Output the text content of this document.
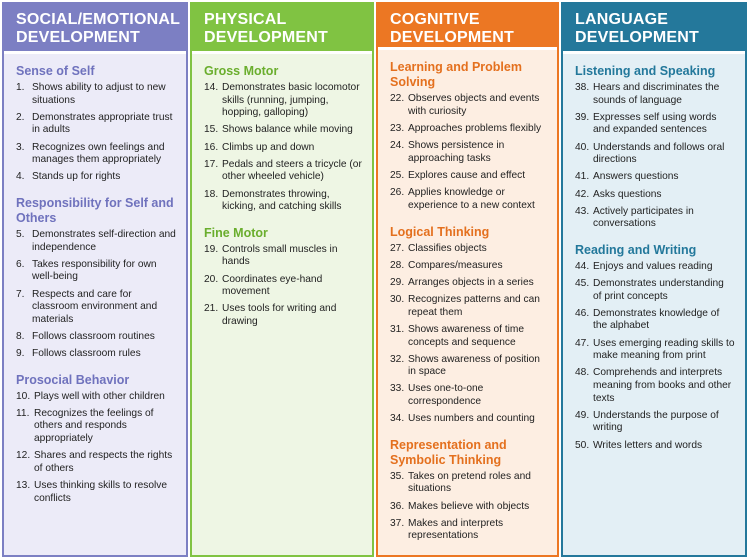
SOCIAL/EMOTIONAL
DEVELOPMENT
Sense of Self
1. Shows ability to adjust to new situations
2. Demonstrates appropriate trust in adults
3. Recognizes own feelings and manages them appropriately
4. Stands up for rights
Responsibility for Self and Others
5. Demonstrates self-direction and independence
6. Takes responsibility for own well-being
7. Respects and care for classroom environment and materials
8. Follows classroom routines
9. Follows classroom rules
Prosocial Behavior
10. Plays well with other children
11. Recognizes the feelings of others and responds appropriately
12. Shares and respects the rights of others
13. Uses thinking skills to resolve conflicts
PHYSICAL
DEVELOPMENT
Gross Motor
14. Demonstrates basic locomotor skills (running, jumping, hopping, galloping)
15. Shows balance while moving
16. Climbs up and down
17. Pedals and steers a tricycle (or other wheeled vehicle)
18. Demonstrates throwing, kicking, and catching skills
Fine Motor
19. Controls small muscles in hands
20. Coordinates eye-hand movement
21. Uses tools for writing and drawing
COGNITIVE
DEVELOPMENT
Learning and Problem Solving
22. Observes objects and events with curiosity
23. Approaches problems flexibly
24. Shows persistence in approaching tasks
25. Explores cause and effect
26. Applies knowledge or experience to a new context
Logical Thinking
27. Classifies objects
28. Compares/measures
29. Arranges objects in a series
30. Recognizes patterns and can repeat them
31. Shows awareness of time concepts and sequence
32. Shows awareness of position in space
33. Uses one-to-one correspondence
34. Uses numbers and counting
Representation and Symbolic Thinking
35. Takes on pretend roles and situations
36. Makes believe with objects
37. Makes and interprets representations
LANGUAGE
DEVELOPMENT
Listening and Speaking
38. Hears and discriminates the sounds of language
39. Expresses self using words and expanded sentences
40. Understands and follows oral directions
41. Answers questions
42. Asks questions
43. Actively participates in conversations
Reading and Writing
44. Enjoys and values reading
45. Demonstrates understanding of print concepts
46. Demonstrates knowledge of the alphabet
47. Uses emerging reading skills to make meaning from print
48. Comprehends and interprets meaning from books and other texts
49. Understands the purpose of writing
50. Writes letters and words
